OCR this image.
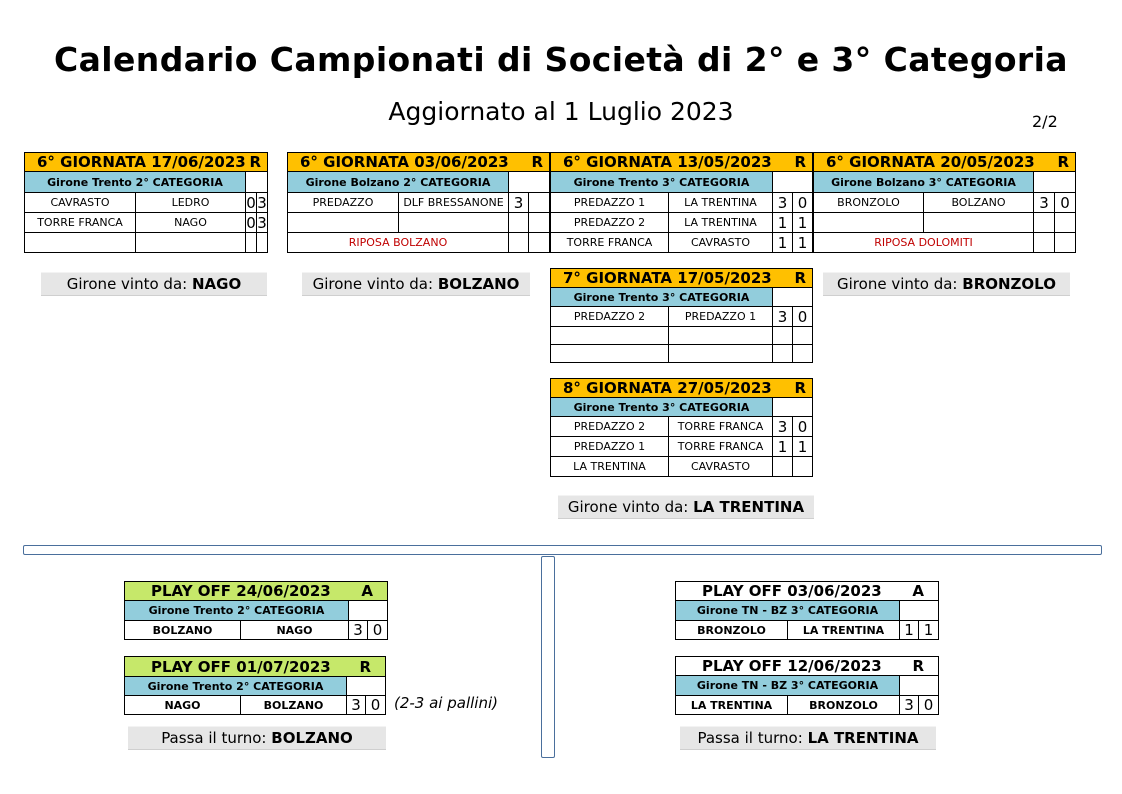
Calendario Campionati di Società di 2° e 3° Categoria
Aggiornato al 1 Luglio 2023	2/2
6° GIORNATA 17/06/2023 R			

Girone Trento 2° CATEGORIA			
CAVRASTO	LEDRO	0	3
TORRE FRANCA	NAGO	0	3

6° GIORNATA 03/06/2023 R			

Girone Bolzano 2° CATEGORIA			
PREDAZZO	DLF BRESSANONE	3	

RIPOSA BOLZANO			
6° GIORNATA 13/05/2023 R			

Girone Trento 3° CATEGORIA			
PREDAZZO 1	LA TRENTINA	3	0
PREDAZZO 2	LA TRENTINA	1	1
TORRE FRANCA	CAVRASTO	1	1
6° GIORNATA 20/05/2023 R			

Girone Bolzano 3° CATEGORIA			
BRONZOLO	BOLZANO	3	0

RIPOSA DOLOMITI			
Girone vinto da: NAGO	Girone vinto da: BOLZANO	Girone vinto da: BRONZOLO
7° GIORNATA 17/05/2023 R			

Girone Trento 3° CATEGORIA			
PREDAZZO 2	PREDAZZO 1	3	0

8° GIORNATA 27/05/2023 R			

Girone Trento 3° CATEGORIA			
PREDAZZO 2	TORRE FRANCA	3	0
PREDAZZO 1	TORRE FRANCA	1	1
LA TRENTINA	CAVRASTO		
Girone vinto da: LA TRENTINA
PLAY OFF 24/06/2023 A			

Girone Trento 2° CATEGORIA			
BOLZANO	NAGO	3	0
PLAY OFF 01/07/2023 R			

Girone Trento 2° CATEGORIA			
NAGO	BOLZANO	3	0 (2-3 ai pallini)
Passa il turno: BOLZANO
PLAY OFF 03/06/2023 A			

Girone TN - BZ 3° CATEGORIA			
BRONZOLO	LA TRENTINA	1	1
PLAY OFF 12/06/2023 R			

Girone TN - BZ 3° CATEGORIA			
LA TRENTINA	BRONZOLO	3	0
Passa il turno: LA TRENTINA
